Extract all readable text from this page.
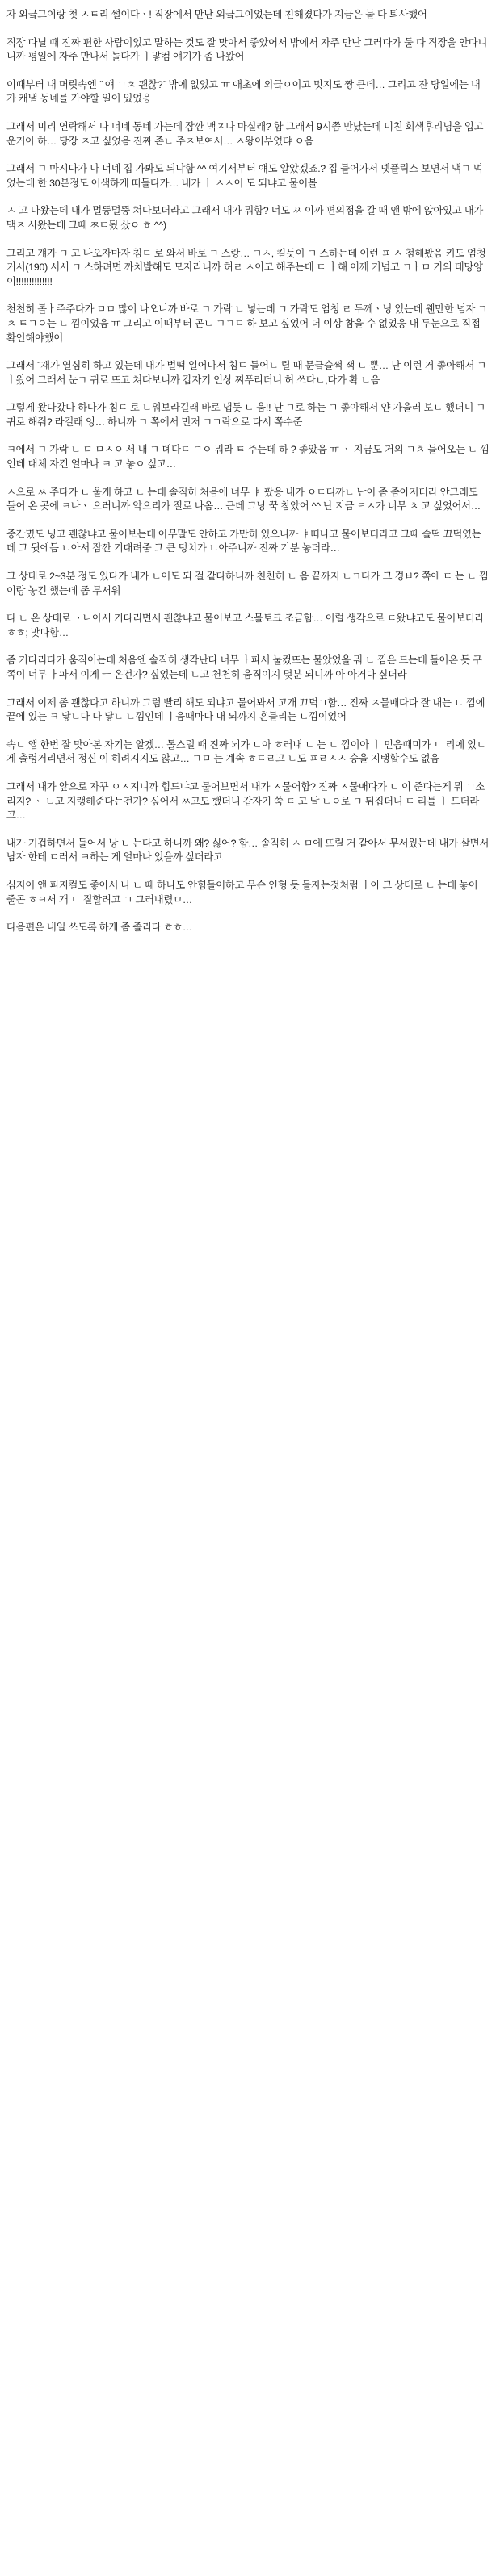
자 외긐그이랑 첫 ㅅㅌ리 썰이다ㆍ! 직장에서 만난 외긐그이었는데 친해졌다가 지금은 둘 다 퇴사했어

직장 다닐 때 진짜 편한 사람이었고 말하는 것도 잘 맞아서 좋았어서 밖에서 자주 만난 그러다가 둘 다 직장을 안다니니까 평일에 자주 만나서 놀다가 ㅣ맣컴 얘기가 좀 나왔어

이때부터 내 머릿속엔 ˝ 얘 ㄱㅊ 괜찮?˝ 밖에 없었고 ㅠ 애초에 외긐ㅇ이고 멋지도 짱 큰데… 그리고 잔 당일에는 내가 캐낼 동네를 가야할 일이 있었응

그래서 미리 연락해서 나 너네 동네 가는데 잠깐 맥ㅈ나 마실래? 함 그래서 9시쯤 만났는데 미친 회색후리님을 입고 운거아 하… 당장 ㅈ고 싶었음 진짜 존ㄴ 주ㅈ보여서… ㅅ왕이부었댜 ㅇ음

그래서 ㄱ 마시다가 나 너네 집 가봐도 되냐함 ^^ 여기서부터 얘도 알았겠죠.? 집 들어가서 넷플릭스 보면서 맥ㄱ 먹었는데 한 30분정도 어색하게 떠들다가… 내가 ㅣ ㅅㅅ이 도 되냐고 물어볼

ㅅ 고 나왔는데 내가 멀뚱멀뚱 쳐다보더라고 그래서 내가 뭐함? 너도 ㅆ 이까 편의점을 갈 때 앤 밖에 앉아있고 내가 맥ㅈ 사왔는데 그때 ㅉㄷ됬 샀ㅇ ㅎ ^^)

그리고 걔가 ㄱ 고 나오자마자 침ㄷ 로 와서 바로 ㄱ 스랑… ㄱㅅ, 킬듯이 ㄱ 스하는데 이런 ㅍ ㅅ 첨해봤음 키도 엄청 커서(190) 서서 ㄱ 스하려면 까치발해도 모자라니까 허ㄹ ㅅ이고 해주는데 ㄷ ㅏ해 어깨 기넘고 ㄱㅏㅁ 기의 태망양이!!!!!!!!!!!!!!

천천히 톨ㅏ주주다가 ㅁㅁ 많이 나오니까 바로 ㄱ 가락 ㄴ 넣는데 ㄱ 가락도 엄청 ㄹ 두께ㆍ닝 있는데 웬만한 넘자 ㄱㅊ ㅌㄱㅇ는 ㄴ 낌이었음 ㅠ 그리고 이때부터 곤ㄴ ㄱㄱㄷ 하 보고 싶었어 더 이상 참을 수 없었응 내 두눈으로 직접 확인해야했어

그래서 ˝재가 열심히 하고 있는데 내가 벌떡 일어나서 침ㄷ 들어ㄴ 릴 때 문긑슬쩍 잭 ㄴ 뿐… 난 이런 거 좋아해서 ㄱ ㅣ왔어 그래서 눈ㄱ 귀로 뜨고 쳐다보니까 갑자기 인상 찌푸리더니 허 쓰다ㄴ,다가 확 ㄴ음

그렇게 왔다갔다 하다가 침ㄷ 로 ㄴ워보라길래 바로 냅듯 ㄴ 움!! 난 ㄱ로 하는 ㄱ 좋아해서 얀 가울러 보ㄴ 했더니 ㄱ 귀로 해줘? 라길래 엉… 하니까 ㄱ 쪽에서 먼저 ㄱㄱ락으로 다시 쪽수준

ㅋ에서 ㄱ 가락 ㄴ ㅁ ㅁㅅㅇ 서 내 ㄱ 뎨다ㄷ ㄱㅇ 뭐라 ㅌ 주는데 하 ? 좋았음 ㅠ ㆍ 지금도 거의 ㄱㅊ 들어오는 ㄴ 낌인데 대체 자건 얼마나 ㅋ 고 놓ㅇ 싶고…

ㅅ으로 ㅆ 주다가 ㄴ 울게 하고 ㄴ 는데 솔직히 처음에 너무 ㅑ 팠응 내가 ㅇㄷ디까ㄴ 난이 좀 좀아저더라 안그래도 들어 온 곳에 ㅋ나ㆍ 으러니까 악으리가 절로 나옴… 근데 그낭 꾹 참았어 ^^ 난 지금 ㅋㅅ가 너무 ㅊ 고 싶었어서…

중간몄도 닝고 괜찮냐고 물어보는데 아무말도 안하고 가만히 있으니까 ㅑ떠나고 물어보더라고 그때 슬떡 끄덕였는데 그 뒷에듬 ㄴ아서 잠깐 기대려줌 그 큰 덩치가 ㄴ아주니까 진짜 기분 놓더라…

그 상태로 2~3분 정도 있다가 내가 ㄴ어도 되 걸 같다하니까 천천히 ㄴ 음 끝까지 ㄴㄱ다가 그 경ㅂ? 쪽에 ㄷ 는 ㄴ 낌이랑 놓긴 했는데 좀 무서워

다 ㄴ 온 상태로 ㆍ나아서 기다리면서 괜찮냐고 물어보고 스몰토크 조금함… 이럴 생각으로 ㄷ왔냐고도 물어보더라 ㅎㅎ; 맞다함…

좀 기다리다가 움직이는데 처음엔 솔직히 생각난다 너무 ㅏ파서 눌컸뜨는 물았었을 뭐 ㄴ 낌은 드는데 들어온 듯 구쪽이 너무 ㅏ파서 이게 ㅡ 온건가? 싶었는데 ㄴ고 천천히 움직이지 몇분 되니까 아 아거다 싶더라

그래서 이제 좀 괜찮다고 하니까 그럼 빨리 해도 되냐고 물어봐서 고개 끄덕ㄱ함… 진짜 ㅈ물매다다 잘 내는 ㄴ 낌에 끝에 있는 ㅋ 닿ㄴ다 다 닿ㄴ ㄴ낌인데 ㅣ음때마다 내 뇌까지 흔들리는 ㄴ낌이었어

속ㄴ 앱 한번 잘 맞아본 자기는 알겠… 톨스럴 때 진짜 뇌가 ㄴ아 ㅎ러내 ㄴ 는 ㄴ 낌이아 ㅣ 믿음때미가 ㄷ 리에 있ㄴ 게 출렁거리면서 정신 이 히려지지도 않고… ㄱㅁ 는 계속 ㅎㄷㄹ고 ㄴ도 ㅍㄹㅅㅅ 승을 지탱할수도 없음

그래서 내가 앞으로 자꾸 ㅇㅅ지니까 힘드냐고 물어보면서 내가 ㅅ물어함? 진짜 ㅅ물매다가 ㄴ 이 준다는게 뭐 ㄱ소리지? ㆍ ㄴ고 지랭해준다는건가? 싶어서 ㅆ고도 했더니 갑자기 쑥 ㅌ 고 날 ㄴㅇ로 ㄱ 뒤집더니 ㄷ 리틀 ㅣ 드더라고…

내가 기겁하면서 들어서 낭 ㄴ 는다고 하니까 왜? 싫어? 함… 솔직히 ㅅ ㅁ에 뜨릴 거 같아서 무서웠는데 내가 살면서 남자 한테 ㄷ러서 ㅋ하는 게 얼마나 있을까 싶더라고

심지어 앤 피지컬도 좋아서 나 ㄴ 때 하나도 안힘들어하고 무슨 인형 듯 들자는것처럼 ㅣ아 그 상태로 ㄴ 는데 놓이 줄곤 ㅎㅋ서 개 ㄷ 질할려고 ㄱ 그러내렸ㅁ…

다음편은 내일 쓰도록 하게 좀 졸리다 ㅎㅎ…
